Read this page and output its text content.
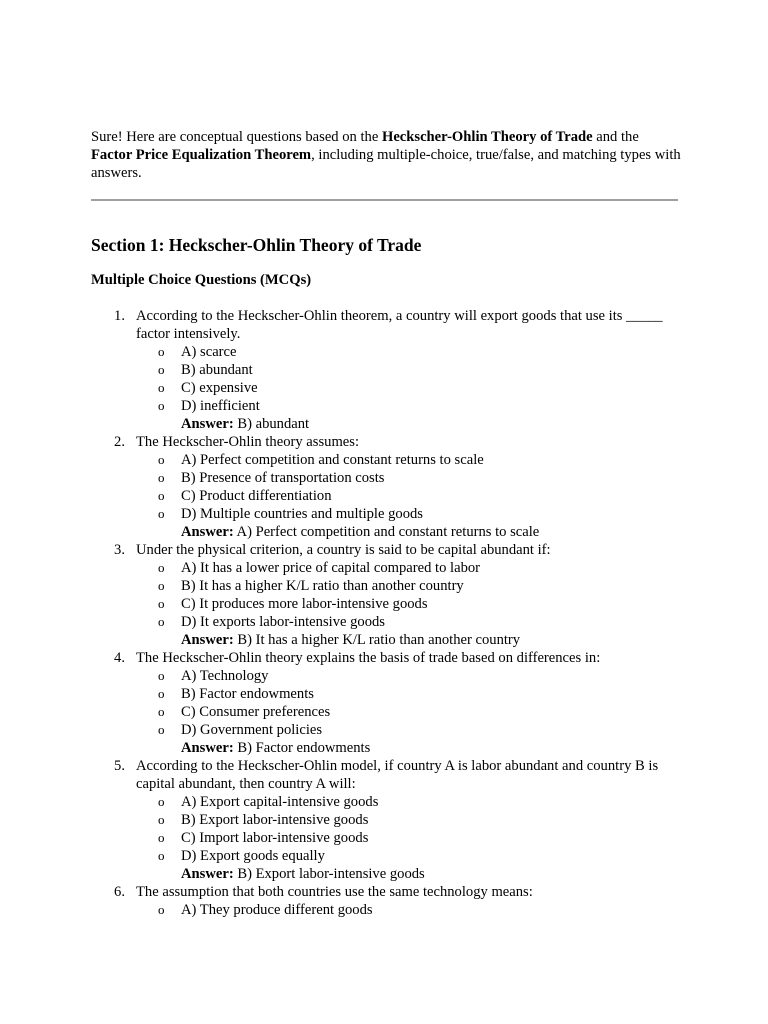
Sure! Here are conceptual questions based on the Heckscher-Ohlin Theory of Trade and the Factor Price Equalization Theorem, including multiple-choice, true/false, and matching types with answers.

Section 1: Heckscher-Ohlin Theory of Trade
Multiple Choice Questions (MCQs)
1. According to the Heckscher-Ohlin theorem, a country will export goods that use its _____ factor intensively.
o A) scarce
o B) abundant
o C) expensive
o D) inefficient
Answer: B) abundant
2. The Heckscher-Ohlin theory assumes:
o A) Perfect competition and constant returns to scale
o B) Presence of transportation costs
o C) Product differentiation
o D) Multiple countries and multiple goods
Answer: A) Perfect competition and constant returns to scale
3. Under the physical criterion, a country is said to be capital abundant if:
o A) It has a lower price of capital compared to labor
o B) It has a higher K/L ratio than another country
o C) It produces more labor-intensive goods
o D) It exports labor-intensive goods
Answer: B) It has a higher K/L ratio than another country
4. The Heckscher-Ohlin theory explains the basis of trade based on differences in:
o A) Technology
o B) Factor endowments
o C) Consumer preferences
o D) Government policies
Answer: B) Factor endowments
5. According to the Heckscher-Ohlin model, if country A is labor abundant and country B is capital abundant, then country A will:
o A) Export capital-intensive goods
o B) Export labor-intensive goods
o C) Import labor-intensive goods
o D) Export goods equally
Answer: B) Export labor-intensive goods
6. The assumption that both countries use the same technology means:
o A) They produce different goods
